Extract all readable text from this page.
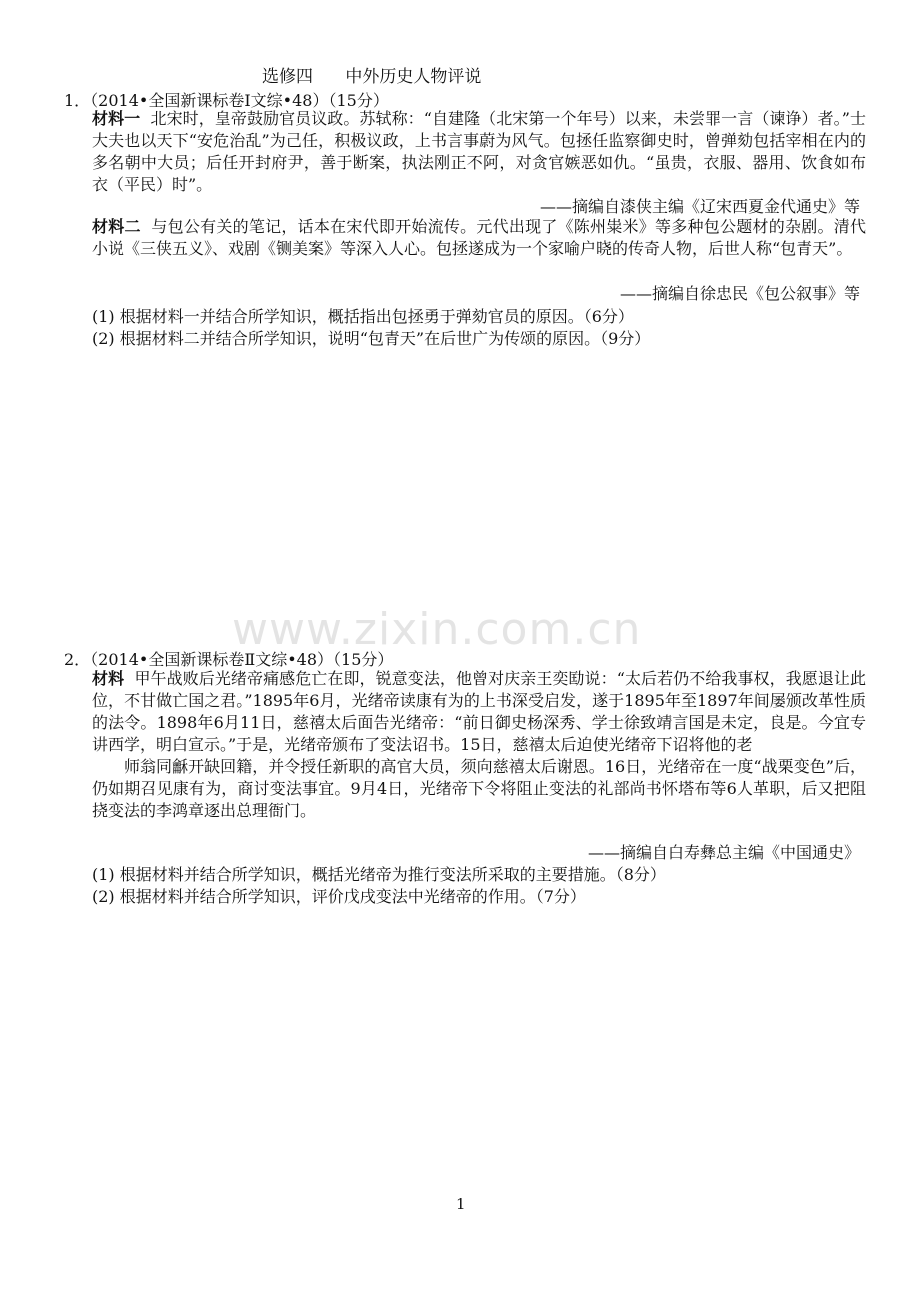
选修四      中外历史人物评说
1．（2014•全国新课标卷Ⅰ文综•48）（15分）

材料一 北宋时，皇帝鼓励官员议政。苏轼称：“自建隆（北宋第一个年号）以来，未尝罪一言（谏诤）者。”士大夫也以天下“安危治乱”为己任，积极议政，上书言事蔚为风气。包拯任监察御史时，曾弹劾包括宰相在内的多名朝中大员；后任开封府尹，善于断案，执法刚正不阿，对贪官嫉恶如仇。“虽贵，衣服、器用、饮食如布衣（平民）时”。

——摘编自漆侠主编《辽宋西夏金代通史》等

材料二 与包公有关的笔记，话本在宋代即开始流传。元代出现了《陈州粜米》等多种包公题材的杂剧。清代小说《三侠五义》、戏剧《铡美案》等深入人心。包拯遂成为一个家喻户晓的传奇人物，后世人称“包青天”。

——摘编自徐忠民《包公叙事》等
(1) 根据材料一并结合所学知识，概括指出包拯勇于弹劾官员的原因。（6分）
(2) 根据材料二并结合所学知识，说明“包青天”在后世广为传颂的原因。（9分）
www.zixin.com.cn
2．（2014•全国新课标卷Ⅱ文综•48）（15分）

材料 甲午战败后光绪帝痛感危亡在即，锐意变法，他曾对庆亲王奕劻说：“太后若仍不给我事权，我愿退让此位，不甘做亡国之君。”1895年6月，光绪帝读康有为的上书深受启发，遂于1895年至1897年间屡颁改革性质的法令。1898年6月11日，慈禧太后面告光绪帝：“前日御史杨深秀、学士徐致靖言国是未定，良是。今宜专讲西学，明白宣示。”于是，光绪帝颁布了变法诏书。15日，慈禧太后迫使光绪帝下诏将他的老

师翁同龢开缺回籍，并令授任新职的高官大员，须向慈禧太后谢恩。16日，光绪帝在一度“战栗变色”后，仍如期召见康有为，商讨变法事宜。9月4日，光绪帝下令将阻止变法的礼部尚书怀塔布等6人革职，后又把阻挠变法的李鸿章逐出总理衙门。

——摘编自白寿彝总主编《中国通史》
(1) 根据材料并结合所学知识，概括光绪帝为推行变法所采取的主要措施。（8分）
(2) 根据材料并结合所学知识，评价戊戌变法中光绪帝的作用。（7分）
1
